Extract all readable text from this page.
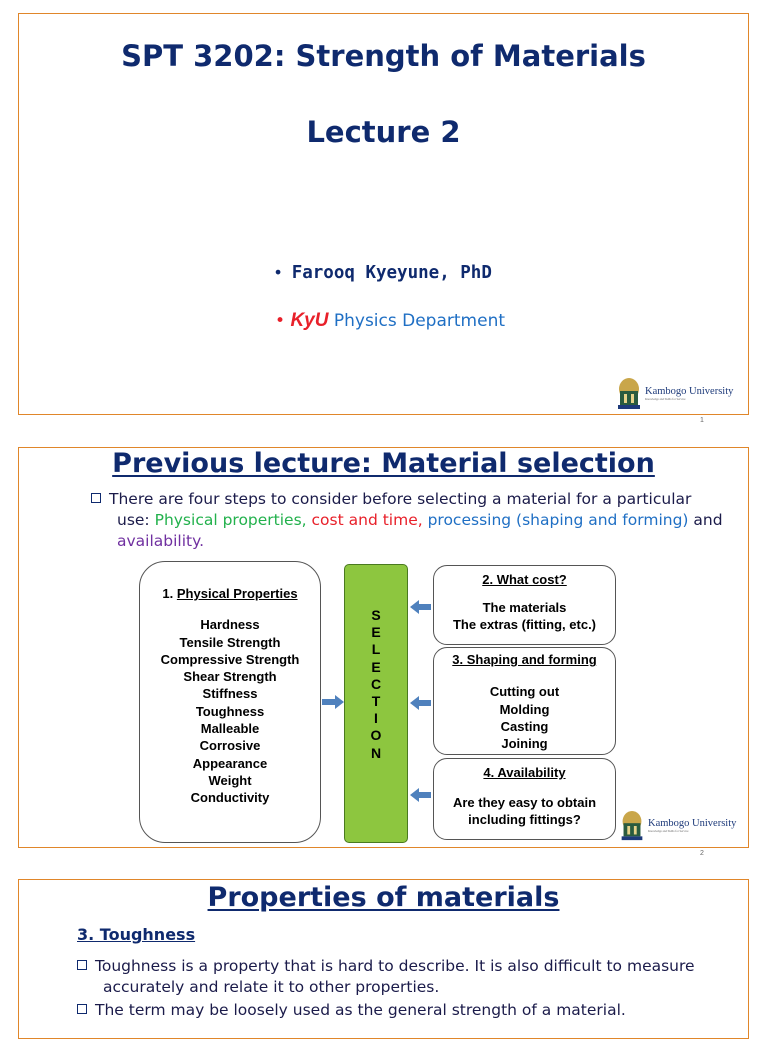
SPT 3202: Strength of Materials
Lecture 2
• Farooq Kyeyune, PhD
• KyU Physics Department
Kambogo University
Knowledge and Skills for Service
1
Previous lecture: Material selection
There are four steps to consider before selecting a material for a particular use: Physical properties, cost and time, processing (shaping and forming) and availability.
1. Physical Properties
Hardness
Tensile Strength
Compressive Strength
Shear Strength
Stiffness
Toughness
Malleable
Corrosive
Appearance
Weight
Conductivity
S
E
L
E
C
T
I
O
N
2. What cost?
The materials
The extras (fitting, etc.)
3. Shaping and forming
Cutting out
Molding
Casting
Joining
4. Availability
Are they easy to obtain
including fittings?	Kambogo University
Knowledge and Skills for Service
2
Properties of materials
3. Toughness
Toughness is a property that is hard to describe. It is also difficult to measure accurately and relate it to other properties.
The term may be loosely used as the general strength of a material.
